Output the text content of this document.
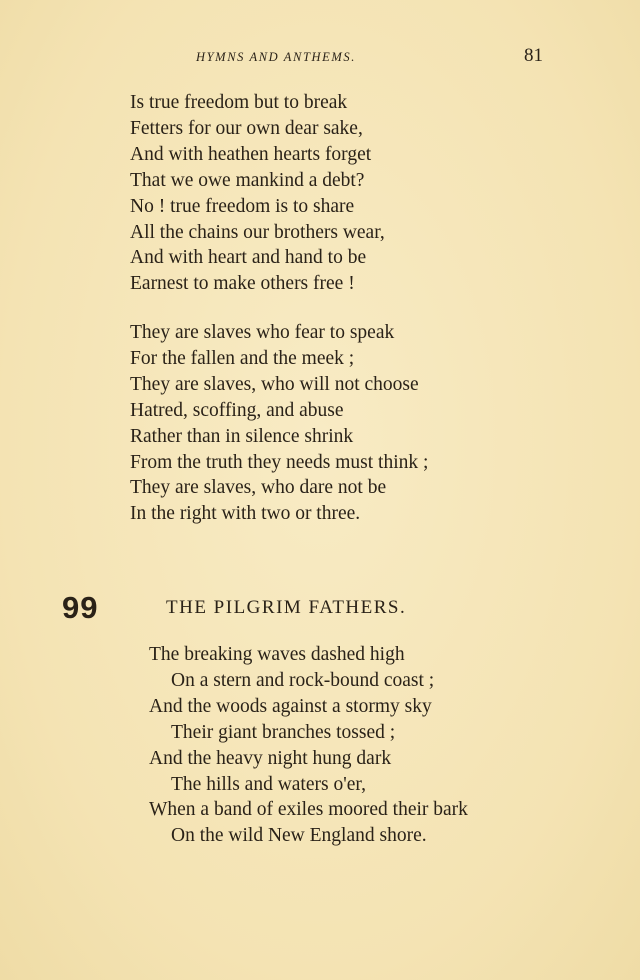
HYMNS AND ANTHEMS.	81
Is true freedom but to break
Fetters for our own dear sake,
And with heathen hearts forget
That we owe mankind a debt?
No ! true freedom is to share
All the chains our brothers wear,
And with heart and hand to be
Earnest to make others free !
They are slaves who fear to speak
For the fallen and the meek ;
They are slaves, who will not choose
Hatred, scoffing, and abuse
Rather than in silence shrink
From the truth they needs must think ;
They are slaves, who dare not be
In the right with two or three.
99	THE PILGRIM FATHERS.
The breaking waves dashed high
On a stern and rock-bound coast ;
And the woods against a stormy sky
Their giant branches tossed ;
And the heavy night hung dark
The hills and waters o'er,
When a band of exiles moored their bark
On the wild New England shore.
